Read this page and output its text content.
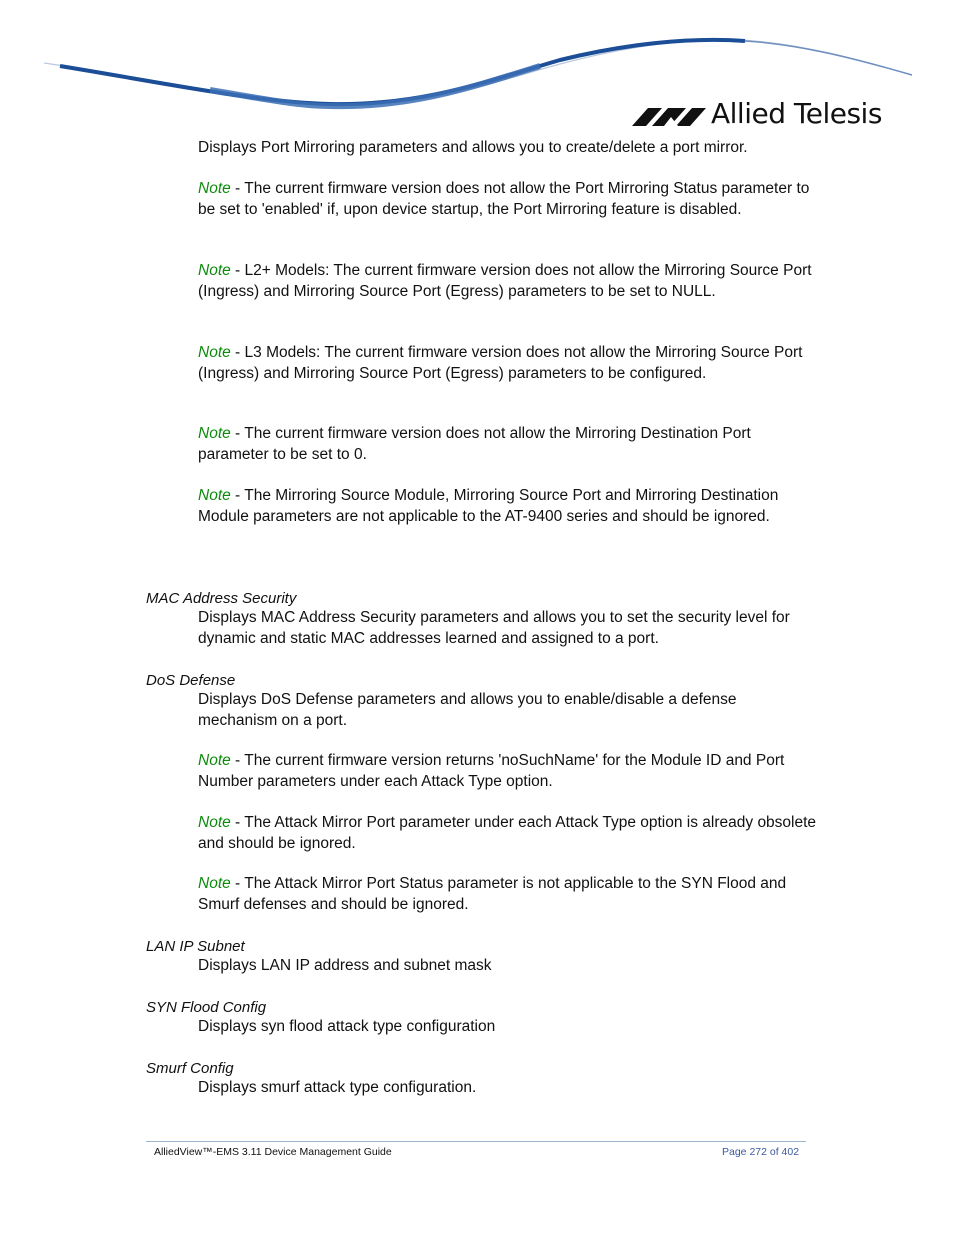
Allied Telesis

Displays Port Mirroring parameters and allows you to create/delete a port mirror.

Note - The current firmware version does not allow the Port Mirroring Status parameter to be set to 'enabled' if, upon device startup, the Port Mirroring feature is disabled.

Note - L2+ Models: The current firmware version does not allow the Mirroring Source Port (Ingress) and Mirroring Source Port (Egress) parameters to be set to NULL.

Note - L3 Models: The current firmware version does not allow the Mirroring Source Port (Ingress) and Mirroring Source Port (Egress) parameters to be configured.

Note - The current firmware version does not allow the Mirroring Destination Port parameter to be set to 0.

Note - The Mirroring Source Module, Mirroring Source Port and Mirroring Destination Module parameters are not applicable to the AT-9400 series and should be ignored.

MAC Address Security

Displays MAC Address Security parameters and allows you to set the security level for dynamic and static MAC addresses learned and assigned to a port.

DoS Defense

Displays DoS Defense parameters and allows you to enable/disable a defense mechanism on a port.

Note - The current firmware version returns 'noSuchName' for the Module ID and Port Number parameters under each Attack Type option.

Note - The Attack Mirror Port parameter under each Attack Type option is already obsolete and should be ignored.

Note - The Attack Mirror Port Status parameter is not applicable to the SYN Flood and Smurf defenses and should be ignored.

LAN IP Subnet

Displays LAN IP address and subnet mask

SYN Flood Config

Displays syn flood attack type configuration

Smurf Config

Displays smurf attack type configuration.

AlliedView™-EMS 3.11 Device Management Guide	Page 272 of 402
